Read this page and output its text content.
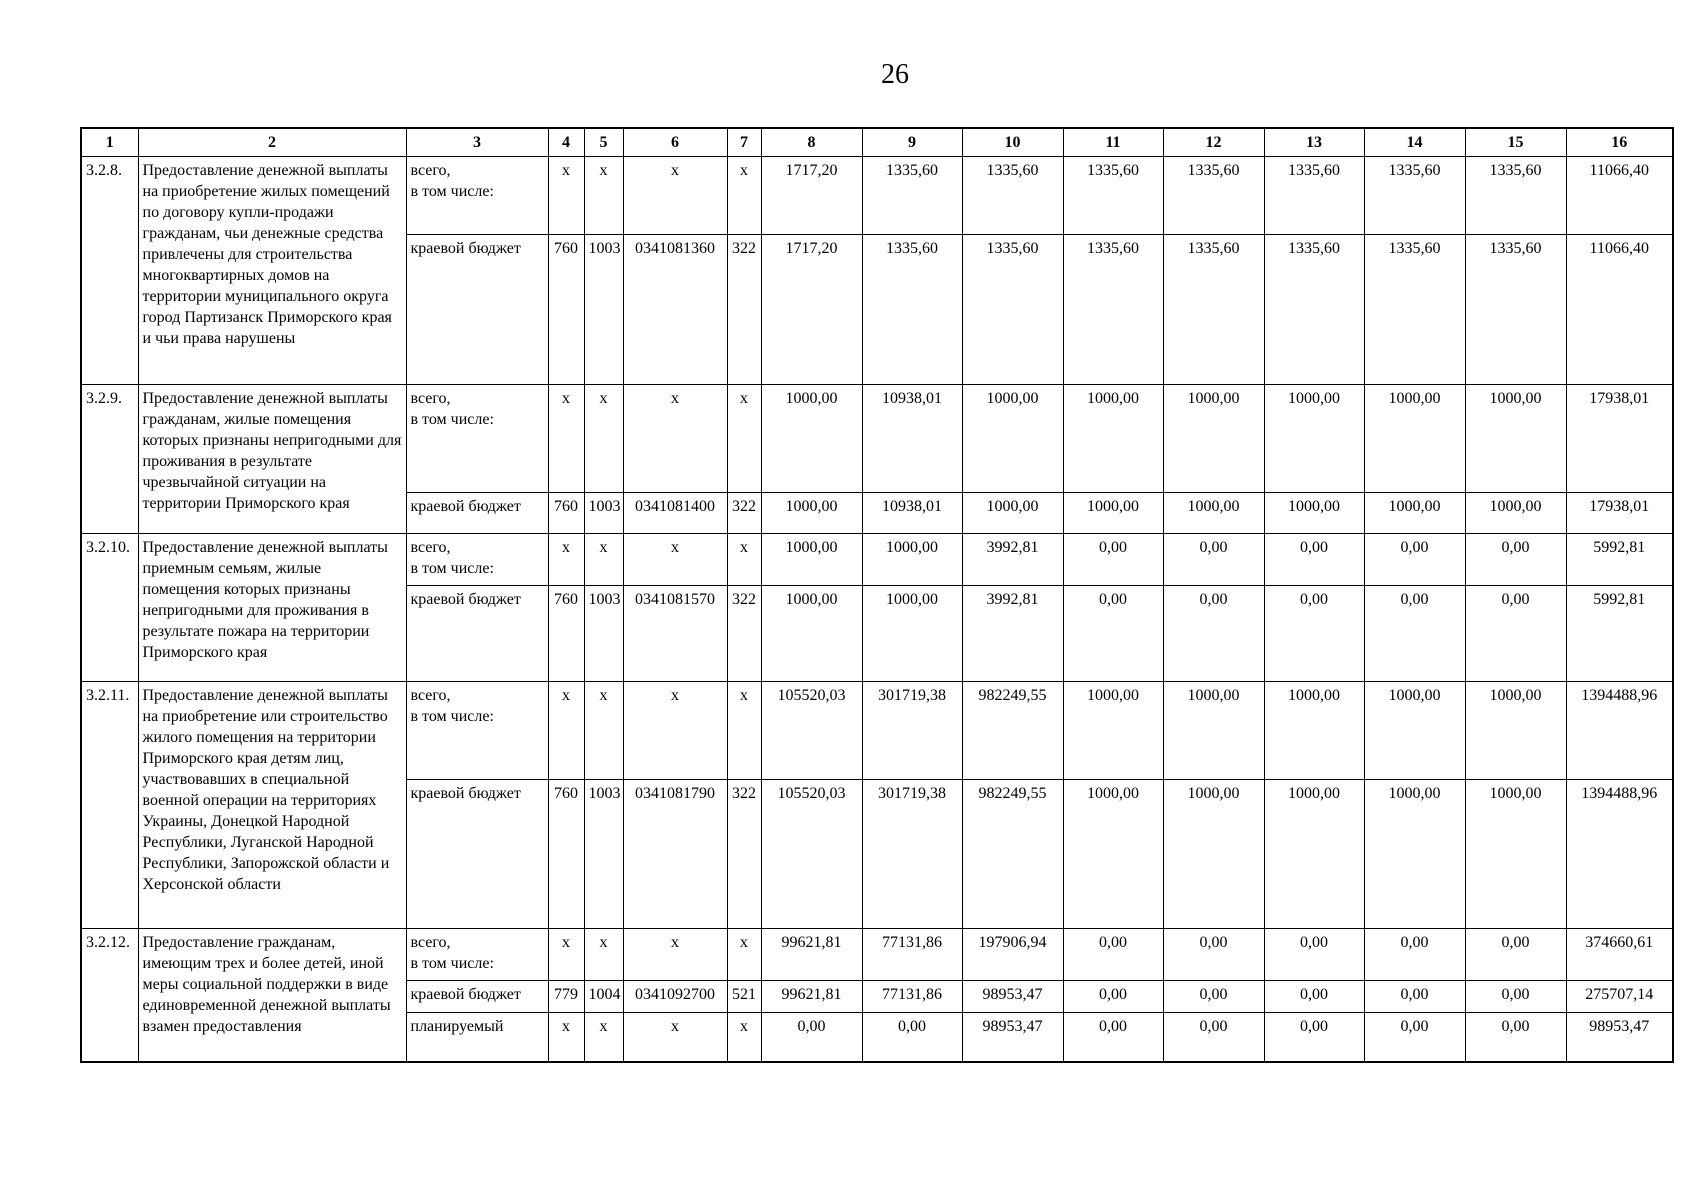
26
1	2	3	4	5	6	7	8	9	10	11	12	13	14	15	16
3.2.8.	Предоставление денежной выплаты на приобретение жилых помещений по договору купли-продажи гражданам, чьи денежные средства привлечены для строительства многоквартирных домов на территории муниципального округа город Партизанск Приморского края и чьи права нарушены	всего,
в том числе:	х	х	х	х	1717,20	1335,60	1335,60	1335,60	1335,60	1335,60	1335,60	1335,60	11066,40
		краевой бюджет	760	1003	0341081360	322	1717,20	1335,60	1335,60	1335,60	1335,60	1335,60	1335,60	1335,60	11066,40
3.2.9.	Предоставление денежной выплаты гражданам, жилые помещения которых признаны непригодными для проживания в результате чрезвычайной ситуации на территории Приморского края	всего,
в том числе:	х	х	х	х	1000,00	10938,01	1000,00	1000,00	1000,00	1000,00	1000,00	1000,00	17938,01
		краевой бюджет	760	1003	0341081400	322	1000,00	10938,01	1000,00	1000,00	1000,00	1000,00	1000,00	1000,00	17938,01
3.2.10.	Предоставление денежной выплаты приемным семьям, жилые помещения которых признаны непригодными для проживания в результате пожара на территории Приморского края	всего,
в том числе:	х	х	х	х	1000,00	1000,00	3992,81	0,00	0,00	0,00	0,00	0,00	5992,81
		краевой бюджет	760	1003	0341081570	322	1000,00	1000,00	3992,81	0,00	0,00	0,00	0,00	0,00	5992,81
3.2.11.	Предоставление денежной выплаты на приобретение или строительство жилого помещения на территории Приморского края детям лиц, участвовавших в специальной военной операции на территориях Украины, Донецкой Народной Республики, Луганской Народной Республики, Запорожской области и Херсонской области	всего,
в том числе:	х	х	х	х	105520,03	301719,38	982249,55	1000,00	1000,00	1000,00	1000,00	1000,00	1394488,96
		краевой бюджет	760	1003	0341081790	322	105520,03	301719,38	982249,55	1000,00	1000,00	1000,00	1000,00	1000,00	1394488,96
3.2.12.	Предоставление гражданам, имеющим трех и более детей, иной меры социальной поддержки в виде единовременной денежной выплаты взамен предоставления	всего,
в том числе:	х	х	х	х	99621,81	77131,86	197906,94	0,00	0,00	0,00	0,00	0,00	374660,61
		краевой бюджет	779	1004	0341092700	521	99621,81	77131,86	98953,47	0,00	0,00	0,00	0,00	0,00	275707,14
		планируемый	х	х	х	х	0,00	0,00	98953,47	0,00	0,00	0,00	0,00	0,00	98953,47
